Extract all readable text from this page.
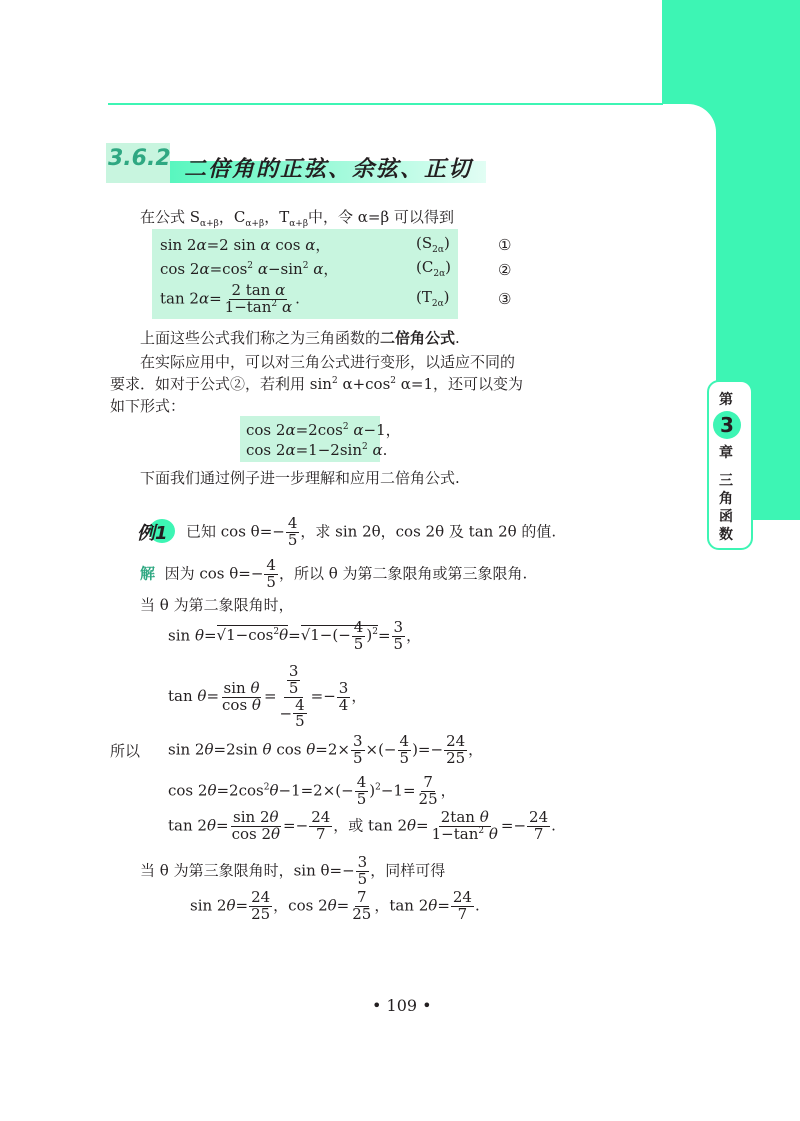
3.6.2 二倍角的正弦、余弦、正切
在公式 $S_{\alpha+\beta}$，$C_{\alpha+\beta}$，$T_{\alpha+\beta}$中，令 α=β 可以得到
sin 2α=2 sin α cos α，
$\cos 2\alpha=\cos^2$ $\alpha-\sin^2$ α，
$\tan 2\alpha= \frac{\text{2 tan α}}{1-\tan^2 \alpha}$ .
$(S_{2\alpha})$
$(C_{2\alpha})$
$(T_{2\alpha})$
①
②
③
上面这些公式我们称之为三角函数的二倍角公式.
在实际应用中，可以对三角公式进行变形，以适应不同的
要求．如对于公式②，若利用 $\sin^2 \alpha+\cos^2$ α=1，还可以变为
如下形式：
$\cos 2\alpha=2\cos^2$ α−1，
$\cos 2\alpha=1-2\sin^2$ α.
下面我们通过例子进一步理解和应用二倍角公式.
第
3
章
三
角
函
数
例1 已知 $\cos \theta=- \frac{4}{5}$ ，求 sin 2θ，cos 2θ 及 tan 2θ 的值.
解 因为 $\cos \theta=- \frac{4}{5}$ ，所以 θ 为第二象限角或第三象限角.
当 θ 为第二象限角时，
$\sin \theta=√1-\cos^2\theta=√1-(- \frac{4}{5} )^2= \frac{3}{5}$ ，
$\tan \theta= \frac{\text{sin θ}}{\text{cos θ}} = \frac{\frac{3}{5}}{- \frac{4}{5}} =- \frac{3}{4}$ ，
所以 sin 2θ=2sin θ $\cos \theta=2\times \frac{3}{5}$ ×(− $\frac{4}{5}$ )=− $\frac{24}{25}$ ，
$\cos 2\theta=2\cos^2\theta-1=2\times(- \frac{4}{5} )^2-1= \frac{7}{25}$ ，
$\tan 2\theta= \frac{\sin 2\theta}{\cos 2\theta} =- \frac{24}{7}$ ，或 $\tan 2\theta= \frac{\text{2tan θ}}{1-\tan^2 \theta} =- \frac{24}{7}$ .
当 θ 为第三象限角时，$\sin \theta=- \frac{3}{5}$ ，同样可得
$\sin 2\theta= \frac{24}{25}$ ，$\cos 2\theta= \frac{7}{25}$ ，$\tan 2\theta= \frac{24}{7}$ .
• 109 •
